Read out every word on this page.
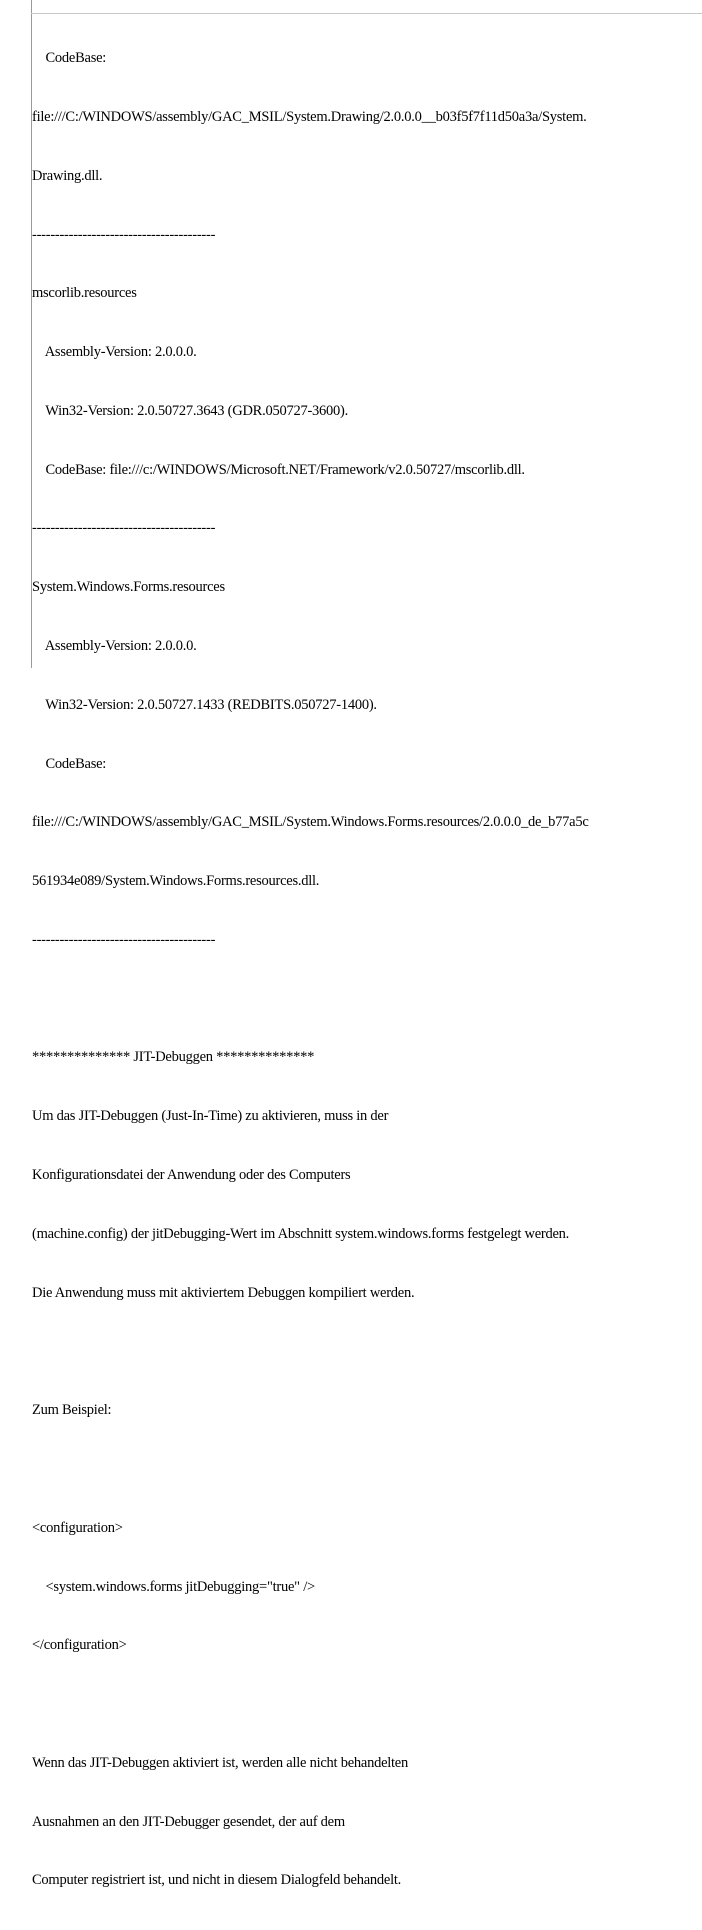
CodeBase:

file:///C:/WINDOWS/assembly/GAC_MSIL/System.Drawing/2.0.0.0__b03f5f7f11d50a3a/System.

Drawing.dll.

----------------------------------------

mscorlib.resources

Assembly-Version: 2.0.0.0.

Win32-Version: 2.0.50727.3643 (GDR.050727-3600).

CodeBase: file:///c:/WINDOWS/Microsoft.NET/Framework/v2.0.50727/mscorlib.dll.

----------------------------------------

System.Windows.Forms.resources

Assembly-Version: 2.0.0.0.

Win32-Version: 2.0.50727.1433 (REDBITS.050727-1400).

CodeBase:

file:///C:/WINDOWS/assembly/GAC_MSIL/System.Windows.Forms.resources/2.0.0.0_de_b77a5c

561934e089/System.Windows.Forms.resources.dll.

----------------------------------------

************** JIT-Debuggen **************

Um das JIT-Debuggen (Just-In-Time) zu aktivieren, muss in der

Konfigurationsdatei der Anwendung oder des Computers

(machine.config) der jitDebugging-Wert im Abschnitt system.windows.forms festgelegt werden.

Die Anwendung muss mit aktiviertem Debuggen kompiliert werden.

Zum Beispiel:

<configuration>

<system.windows.forms jitDebugging="true" />

</configuration>

Wenn das JIT-Debuggen aktiviert ist, werden alle nicht behandelten

Ausnahmen an den JIT-Debugger gesendet, der auf dem

Computer registriert ist, und nicht in diesem Dialogfeld behandelt.
